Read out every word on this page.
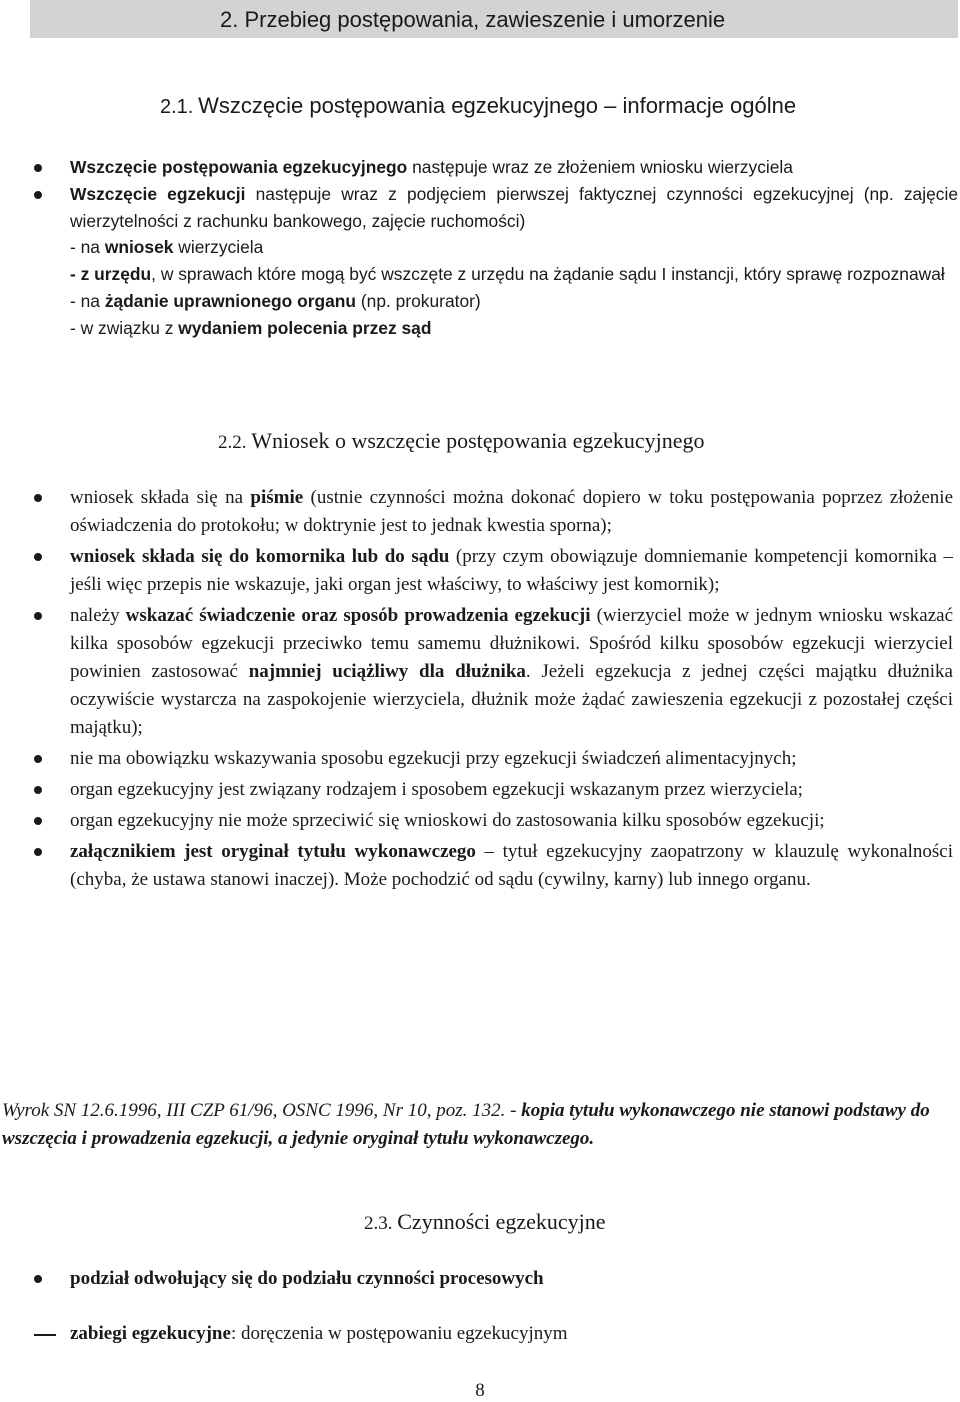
2. Przebieg postępowania, zawieszenie i umorzenie
2.1. Wszczęcie postępowania egzekucyjnego – informacje ogólne

Wszczęcie postępowania egzekucyjnego następuje wraz ze złożeniem wniosku wierzyciela

Wszczęcie egzekucji następuje wraz z podjęciem pierwszej faktycznej czynności egzekucyjnej (np. zajęcie wierzytelności z rachunku bankowego, zajęcie ruchomości)

- na wniosek wierzyciela

- z urzędu, w sprawach które mogą być wszczęte z urzędu na żądanie sądu I instancji, który sprawę rozpoznawał

- na żądanie uprawnionego organu (np. prokurator)

- w związku z wydaniem polecenia przez sąd

2.2. Wniosek o wszczęcie postępowania egzekucyjnego
wniosek składa się na piśmie (ustnie czynności można dokonać dopiero w toku postępowania poprzez złożenie oświadczenia do protokołu; w doktrynie jest to jednak kwestia sporna);
wniosek składa się do komornika lub do sądu (przy czym obowiązuje domniemanie kompetencji komornika – jeśli więc przepis nie wskazuje, jaki organ jest właściwy, to właściwy jest komornik);
należy wskazać świadczenie oraz sposób prowadzenia egzekucji (wierzyciel może w jednym wniosku wskazać kilka sposobów egzekucji przeciwko temu samemu dłużnikowi. Spośród kilku sposobów egzekucji wierzyciel powinien zastosować najmniej uciążliwy dla dłużnika. Jeżeli egzekucja z jednej części majątku dłużnika oczywiście wystarcza na zaspokojenie wierzyciela, dłużnik może żądać zawieszenia egzekucji z pozostałej części majątku);
nie ma obowiązku wskazywania sposobu egzekucji przy egzekucji świadczeń alimentacyjnych;
organ egzekucyjny jest związany rodzajem i sposobem egzekucji wskazanym przez wierzyciela;
organ egzekucyjny nie może sprzeciwić się wnioskowi do zastosowania kilku sposobów egzekucji;
załącznikiem jest oryginał tytułu wykonawczego – tytuł egzekucyjny zaopatrzony w klauzulę wykonalności (chyba, że ustawa stanowi inaczej). Może pochodzić od sądu (cywilny, karny) lub innego organu.

Wyrok SN 12.6.1996, III CZP 61/96, OSNC 1996, Nr 10, poz. 132. - kopia tytułu wykonawczego nie stanowi podstawy do wszczęcia i prowadzenia egzekucji, a jedynie oryginał tytułu wykonawczego.

2.3. Czynności egzekucyjne

podział odwołujący się do podziału czynności procesowych

zabiegi egzekucyjne: doręczenia w postępowaniu egzekucyjnym

8
